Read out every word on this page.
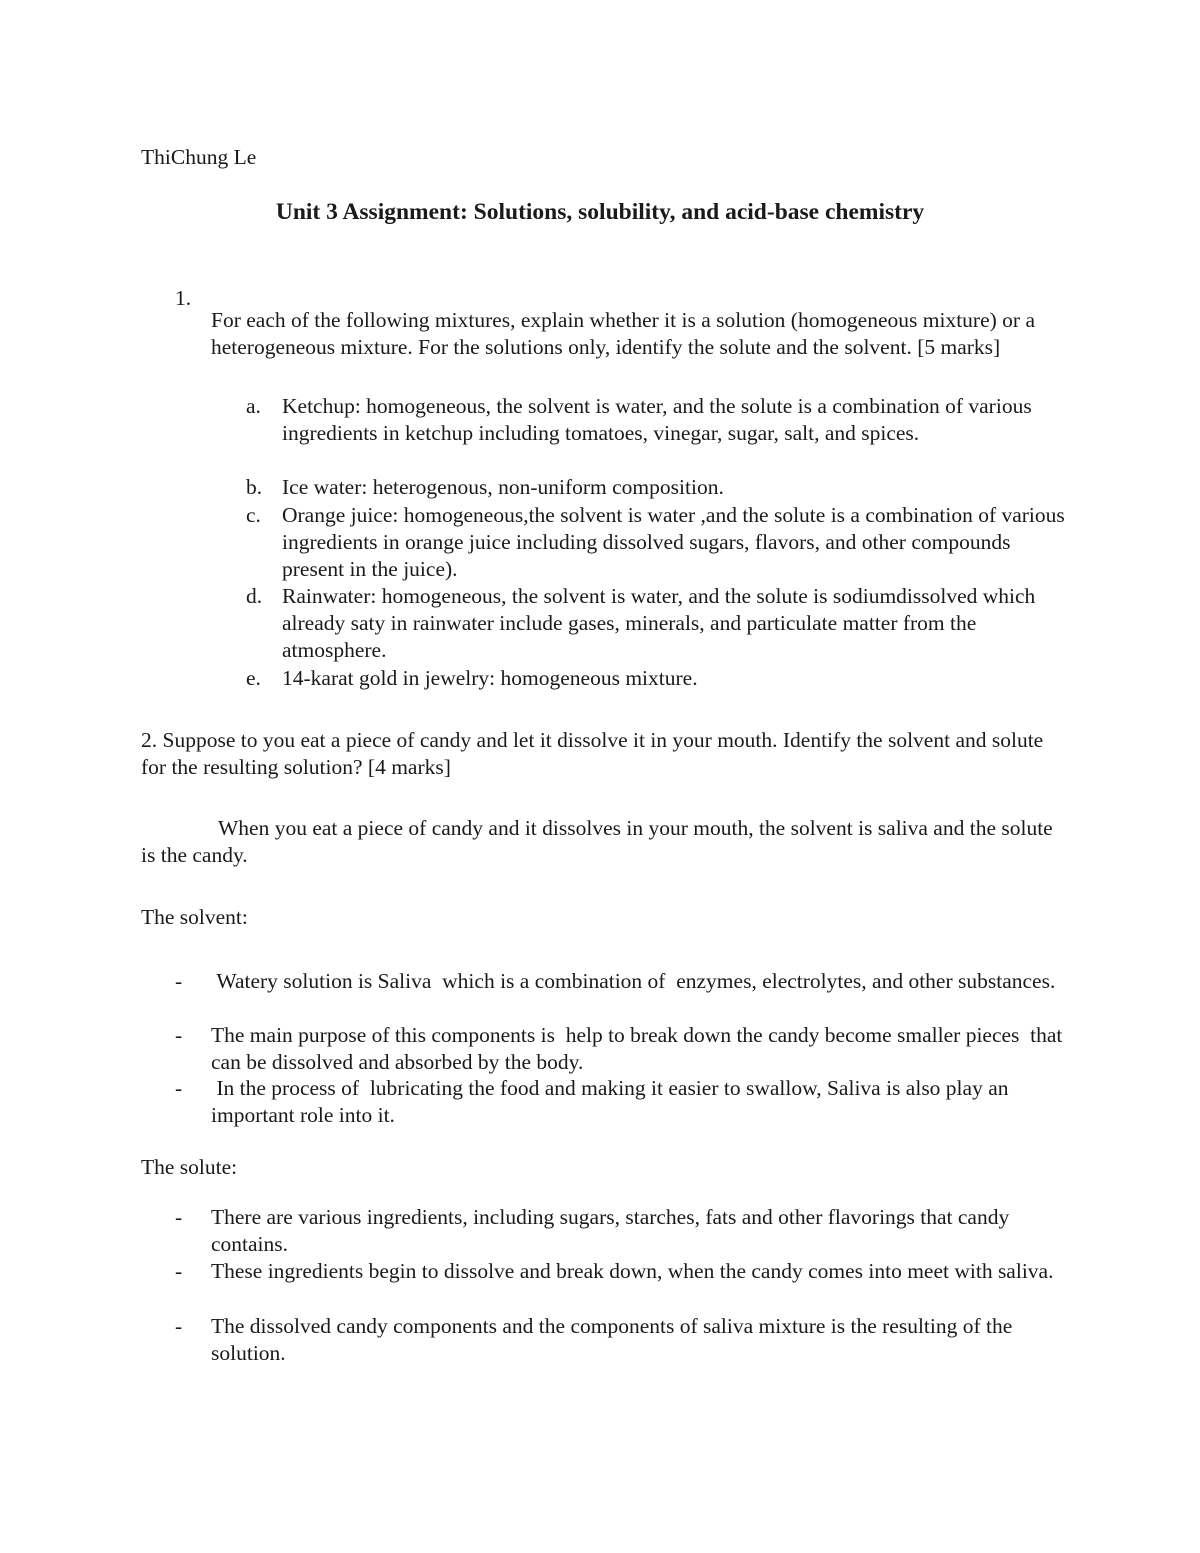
ThiChung Le

Unit 3 Assignment: Solutions, solubility, and acid-base chemistry

1.

For each of the following mixtures, explain whether it is a solution (homogeneous mixture) or a heterogeneous mixture. For the solutions only, identify the solute and the solvent. [5 marks]

a. Ketchup: homogeneous, the solvent is water, and the solute is a combination of various ingredients in ketchup including tomatoes, vinegar, sugar, salt, and spices.

b. Ice water: heterogenous, non-uniform composition.

c. Orange juice: homogeneous,the solvent is water ,and the solute is a combination of various ingredients in orange juice including dissolved sugars, flavors, and other compounds present in the juice).

d. Rainwater: homogeneous, the solvent is water, and the solute is sodiumdissolved which already saty in rainwater include gases, minerals, and particulate matter from the atmosphere.

e. 14-karat gold in jewelry: homogeneous mixture.

2. Suppose to you eat a piece of candy and let it dissolve it in your mouth. Identify the solvent and solute for the resulting solution? [4 marks]

When you eat a piece of candy and it dissolves in your mouth, the solvent is saliva and the solute is the candy.

The solvent:

- Watery solution is Saliva  which is a combination of  enzymes, electrolytes, and other substances.

- The main purpose of this components is  help to break down the candy become smaller pieces  that can be dissolved and absorbed by the body.

- In the process of  lubricating the food and making it easier to swallow, Saliva is also play an important role into it.

The solute:

- There are various ingredients, including sugars, starches, fats and other flavorings that candy contains.

- These ingredients begin to dissolve and break down, when the candy comes into meet with saliva.

- The dissolved candy components and the components of saliva mixture is the resulting of the solution.
